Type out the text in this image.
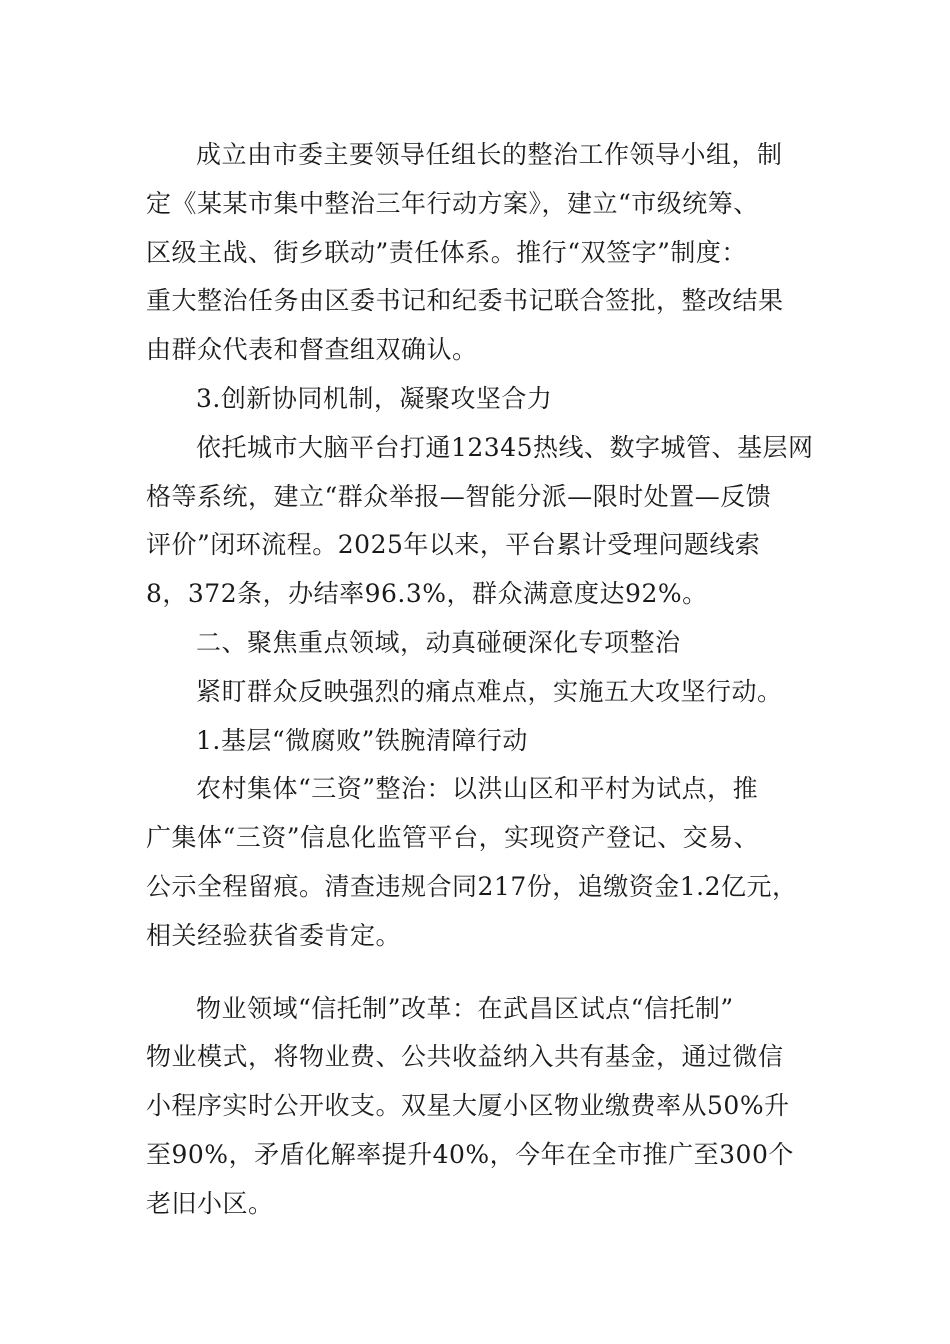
成立由市委主要领导任组长的整治工作领导小组，制
定《某某市集中整治三年行动方案》，建立“市级统筹、
区级主战、街乡联动”责任体系。推行“双签字”制度：
重大整治任务由区委书记和纪委书记联合签批，整改结果
由群众代表和督查组双确认。
3.创新协同机制，凝聚攻坚合力
依托城市大脑平台打通12345热线、数字城管、基层网
格等系统，建立“群众举报—智能分派—限时处置—反馈
评价”闭环流程。2025年以来，平台累计受理问题线索
8，372条，办结率96.3%，群众满意度达92%。
二、聚焦重点领域，动真碰硬深化专项整治
紧盯群众反映强烈的痛点难点，实施五大攻坚行动。
1.基层“微腐败”铁腕清障行动
农村集体“三资”整治：以洪山区和平村为试点，推
广集体“三资”信息化监管平台，实现资产登记、交易、
公示全程留痕。清查违规合同217份，追缴资金1.2亿元，
相关经验获省委肯定。
物业领域“信托制”改革：在武昌区试点“信托制”
物业模式，将物业费、公共收益纳入共有基金，通过微信
小程序实时公开收支。双星大厦小区物业缴费率从50%升
至90%，矛盾化解率提升40%，今年在全市推广至300个
老旧小区。
